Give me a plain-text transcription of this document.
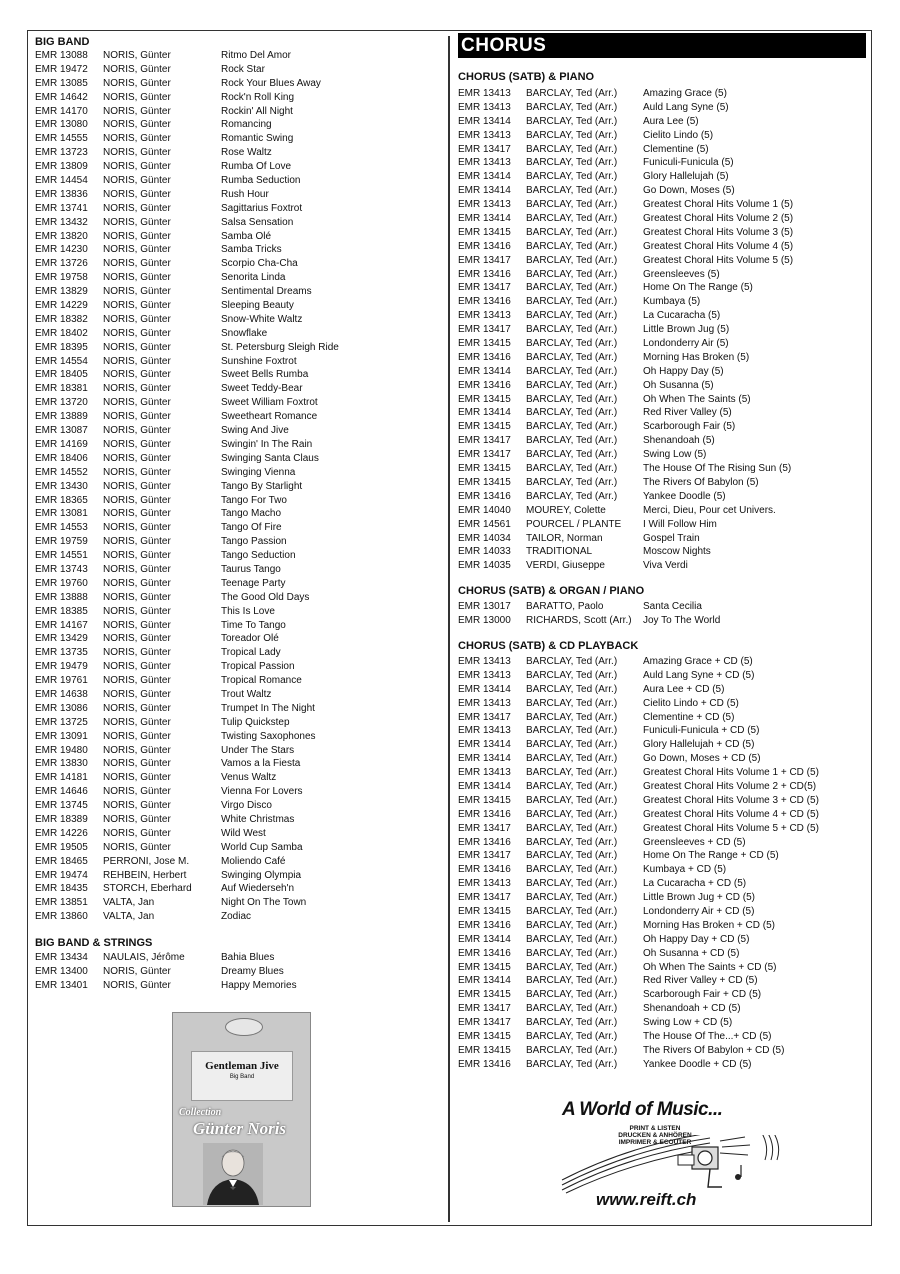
BIG BAND
EMR 13088	NORIS, Günter	Ritmo Del Amor
EMR 19472	NORIS, Günter	Rock Star
EMR 13085	NORIS, Günter	Rock Your Blues Away
EMR 14642	NORIS, Günter	Rock'n Roll King
EMR 14170	NORIS, Günter	Rockin' All Night
EMR 13080	NORIS, Günter	Romancing
EMR 14555	NORIS, Günter	Romantic Swing
EMR 13723	NORIS, Günter	Rose Waltz
EMR 13809	NORIS, Günter	Rumba Of Love
EMR 14454	NORIS, Günter	Rumba Seduction
EMR 13836	NORIS, Günter	Rush Hour
EMR 13741	NORIS, Günter	Sagittarius Foxtrot
EMR 13432	NORIS, Günter	Salsa Sensation
EMR 13820	NORIS, Günter	Samba Olé
EMR 14230	NORIS, Günter	Samba Tricks
EMR 13726	NORIS, Günter	Scorpio Cha-Cha
EMR 19758	NORIS, Günter	Senorita Linda
EMR 13829	NORIS, Günter	Sentimental Dreams
EMR 14229	NORIS, Günter	Sleeping Beauty
EMR 18382	NORIS, Günter	Snow-White Waltz
EMR 18402	NORIS, Günter	Snowflake
EMR 18395	NORIS, Günter	St. Petersburg Sleigh Ride
EMR 14554	NORIS, Günter	Sunshine Foxtrot
EMR 18405	NORIS, Günter	Sweet Bells Rumba
EMR 18381	NORIS, Günter	Sweet Teddy-Bear
EMR 13720	NORIS, Günter	Sweet William Foxtrot
EMR 13889	NORIS, Günter	Sweetheart Romance
EMR 13087	NORIS, Günter	Swing And Jive
EMR 14169	NORIS, Günter	Swingin' In The Rain
EMR 18406	NORIS, Günter	Swinging Santa Claus
EMR 14552	NORIS, Günter	Swinging Vienna
EMR 13430	NORIS, Günter	Tango By Starlight
EMR 18365	NORIS, Günter	Tango For Two
EMR 13081	NORIS, Günter	Tango Macho
EMR 14553	NORIS, Günter	Tango Of Fire
EMR 19759	NORIS, Günter	Tango Passion
EMR 14551	NORIS, Günter	Tango Seduction
EMR 13743	NORIS, Günter	Taurus Tango
EMR 19760	NORIS, Günter	Teenage Party
EMR 13888	NORIS, Günter	The Good Old Days
EMR 18385	NORIS, Günter	This Is Love
EMR 14167	NORIS, Günter	Time To Tango
EMR 13429	NORIS, Günter	Toreador Olé
EMR 13735	NORIS, Günter	Tropical Lady
EMR 19479	NORIS, Günter	Tropical Passion
EMR 19761	NORIS, Günter	Tropical Romance
EMR 14638	NORIS, Günter	Trout Waltz
EMR 13086	NORIS, Günter	Trumpet In The Night
EMR 13725	NORIS, Günter	Tulip Quickstep
EMR 13091	NORIS, Günter	Twisting Saxophones
EMR 19480	NORIS, Günter	Under The Stars
EMR 13830	NORIS, Günter	Vamos a la Fiesta
EMR 14181	NORIS, Günter	Venus Waltz
EMR 14646	NORIS, Günter	Vienna For Lovers
EMR 13745	NORIS, Günter	Virgo Disco
EMR 18389	NORIS, Günter	White Christmas
EMR 14226	NORIS, Günter	Wild West
EMR 19505	NORIS, Günter	World Cup Samba
EMR 18465	PERRONI, Jose M.	Moliendo Café
EMR 19474	REHBEIN, Herbert	Swinging Olympia
EMR 18435	STORCH, Eberhard	Auf Wiederseh'n
EMR 13851	VALTA, Jan	Night On The Town
EMR 13860	VALTA, Jan	Zodiac
BIG BAND & STRINGS
EMR 13434	NAULAIS, Jérôme	Bahia Blues
EMR 13400	NORIS, Günter	Dreamy Blues
EMR 13401	NORIS, Günter	Happy Memories
Gentleman Jive
Big Band
Collection
Günter Noris
CHORUS
CHORUS (SATB) & PIANO
EMR 13413	BARCLAY, Ted (Arr.)	Amazing Grace (5)
EMR 13413	BARCLAY, Ted (Arr.)	Auld Lang Syne (5)
EMR 13414	BARCLAY, Ted (Arr.)	Aura Lee (5)
EMR 13413	BARCLAY, Ted (Arr.)	Cielito Lindo (5)
EMR 13417	BARCLAY, Ted (Arr.)	Clementine (5)
EMR 13413	BARCLAY, Ted (Arr.)	Funiculi-Funicula (5)
EMR 13414	BARCLAY, Ted (Arr.)	Glory Hallelujah (5)
EMR 13414	BARCLAY, Ted (Arr.)	Go Down, Moses (5)
EMR 13413	BARCLAY, Ted (Arr.)	Greatest Choral Hits Volume 1 (5)
EMR 13414	BARCLAY, Ted (Arr.)	Greatest Choral Hits Volume 2 (5)
EMR 13415	BARCLAY, Ted (Arr.)	Greatest Choral Hits Volume 3 (5)
EMR 13416	BARCLAY, Ted (Arr.)	Greatest Choral Hits Volume 4 (5)
EMR 13417	BARCLAY, Ted (Arr.)	Greatest Choral Hits Volume 5 (5)
EMR 13416	BARCLAY, Ted (Arr.)	Greensleeves (5)
EMR 13417	BARCLAY, Ted (Arr.)	Home On The Range (5)
EMR 13416	BARCLAY, Ted (Arr.)	Kumbaya (5)
EMR 13413	BARCLAY, Ted (Arr.)	La Cucaracha (5)
EMR 13417	BARCLAY, Ted (Arr.)	Little Brown Jug (5)
EMR 13415	BARCLAY, Ted (Arr.)	Londonderry Air (5)
EMR 13416	BARCLAY, Ted (Arr.)	Morning Has Broken (5)
EMR 13414	BARCLAY, Ted (Arr.)	Oh Happy Day (5)
EMR 13416	BARCLAY, Ted (Arr.)	Oh Susanna (5)
EMR 13415	BARCLAY, Ted (Arr.)	Oh When The Saints (5)
EMR 13414	BARCLAY, Ted (Arr.)	Red River Valley (5)
EMR 13415	BARCLAY, Ted (Arr.)	Scarborough Fair (5)
EMR 13417	BARCLAY, Ted (Arr.)	Shenandoah (5)
EMR 13417	BARCLAY, Ted (Arr.)	Swing Low (5)
EMR 13415	BARCLAY, Ted (Arr.)	The House Of The Rising Sun (5)
EMR 13415	BARCLAY, Ted (Arr.)	The Rivers Of Babylon (5)
EMR 13416	BARCLAY, Ted (Arr.)	Yankee Doodle (5)
EMR 14040	MOUREY, Colette	Merci, Dieu, Pour cet Univers.
EMR 14561	POURCEL / PLANTE	I Will Follow Him
EMR 14034	TAILOR, Norman	Gospel Train
EMR 14033	TRADITIONAL	Moscow Nights
EMR 14035	VERDI, Giuseppe	Viva Verdi
CHORUS (SATB) & ORGAN / PIANO
EMR 13017	BARATTO, Paolo	Santa Cecilia
EMR 13000	RICHARDS, Scott (Arr.)	Joy To The World
CHORUS (SATB) & CD PLAYBACK
EMR 13413	BARCLAY, Ted (Arr.)	Amazing Grace + CD (5)
EMR 13413	BARCLAY, Ted (Arr.)	Auld Lang Syne + CD (5)
EMR 13414	BARCLAY, Ted (Arr.)	Aura Lee + CD (5)
EMR 13413	BARCLAY, Ted (Arr.)	Cielito Lindo + CD (5)
EMR 13417	BARCLAY, Ted (Arr.)	Clementine + CD (5)
EMR 13413	BARCLAY, Ted (Arr.)	Funiculi-Funicula + CD (5)
EMR 13414	BARCLAY, Ted (Arr.)	Glory Hallelujah + CD (5)
EMR 13414	BARCLAY, Ted (Arr.)	Go Down, Moses + CD (5)
EMR 13413	BARCLAY, Ted (Arr.)	Greatest Choral Hits Volume 1 + CD (5)
EMR 13414	BARCLAY, Ted (Arr.)	Greatest Choral Hits Volume 2 + CD(5)
EMR 13415	BARCLAY, Ted (Arr.)	Greatest Choral Hits Volume 3 + CD (5)
EMR 13416	BARCLAY, Ted (Arr.)	Greatest Choral Hits Volume 4 + CD (5)
EMR 13417	BARCLAY, Ted (Arr.)	Greatest Choral Hits Volume 5 + CD (5)
EMR 13416	BARCLAY, Ted (Arr.)	Greensleeves + CD (5)
EMR 13417	BARCLAY, Ted (Arr.)	Home On The Range + CD (5)
EMR 13416	BARCLAY, Ted (Arr.)	Kumbaya + CD (5)
EMR 13413	BARCLAY, Ted (Arr.)	La Cucaracha + CD (5)
EMR 13417	BARCLAY, Ted (Arr.)	Little Brown Jug + CD (5)
EMR 13415	BARCLAY, Ted (Arr.)	Londonderry Air + CD (5)
EMR 13416	BARCLAY, Ted (Arr.)	Morning Has Broken + CD (5)
EMR 13414	BARCLAY, Ted (Arr.)	Oh Happy Day + CD (5)
EMR 13416	BARCLAY, Ted (Arr.)	Oh Susanna + CD (5)
EMR 13415	BARCLAY, Ted (Arr.)	Oh When The Saints + CD (5)
EMR 13414	BARCLAY, Ted (Arr.)	Red River Valley + CD (5)
EMR 13415	BARCLAY, Ted (Arr.)	Scarborough Fair + CD (5)
EMR 13417	BARCLAY, Ted (Arr.)	Shenandoah + CD (5)
EMR 13417	BARCLAY, Ted (Arr.)	Swing Low + CD (5)
EMR 13415	BARCLAY, Ted (Arr.)	The House Of The...+ CD (5)
EMR 13415	BARCLAY, Ted (Arr.)	The Rivers Of Babylon + CD (5)
EMR 13416	BARCLAY, Ted (Arr.)	Yankee Doodle + CD (5)
A World of Music...
PRINT & LISTEN
DRUCKEN & ANHÖREN
IMPRIMER & ECOUTER
www.reift.ch
